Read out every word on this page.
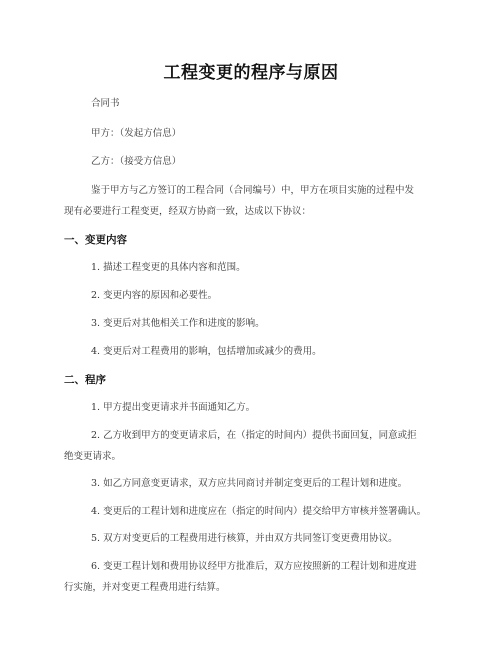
工程变更的程序与原因
合同书
甲方：（发起方信息）
乙方：（接受方信息）
鉴于甲方与乙方签订的工程合同（合同编号）中，甲方在项目实施的过程中发
现有必要进行工程变更，经双方协商一致，达成以下协议：
一、变更内容
1. 描述工程变更的具体内容和范围。
2. 变更内容的原因和必要性。
3. 变更后对其他相关工作和进度的影响。
4. 变更后对工程费用的影响，包括增加或减少的费用。
二、程序
1. 甲方提出变更请求并书面通知乙方。
2. 乙方收到甲方的变更请求后，在（指定的时间内）提供书面回复，同意或拒
绝变更请求。
3. 如乙方同意变更请求，双方应共同商讨并制定变更后的工程计划和进度。
4. 变更后的工程计划和进度应在（指定的时间内）提交给甲方审核并签署确认。
5. 双方对变更后的工程费用进行核算，并由双方共同签订变更费用协议。
6. 变更工程计划和费用协议经甲方批准后，双方应按照新的工程计划和进度进
行实施，并对变更工程费用进行结算。
